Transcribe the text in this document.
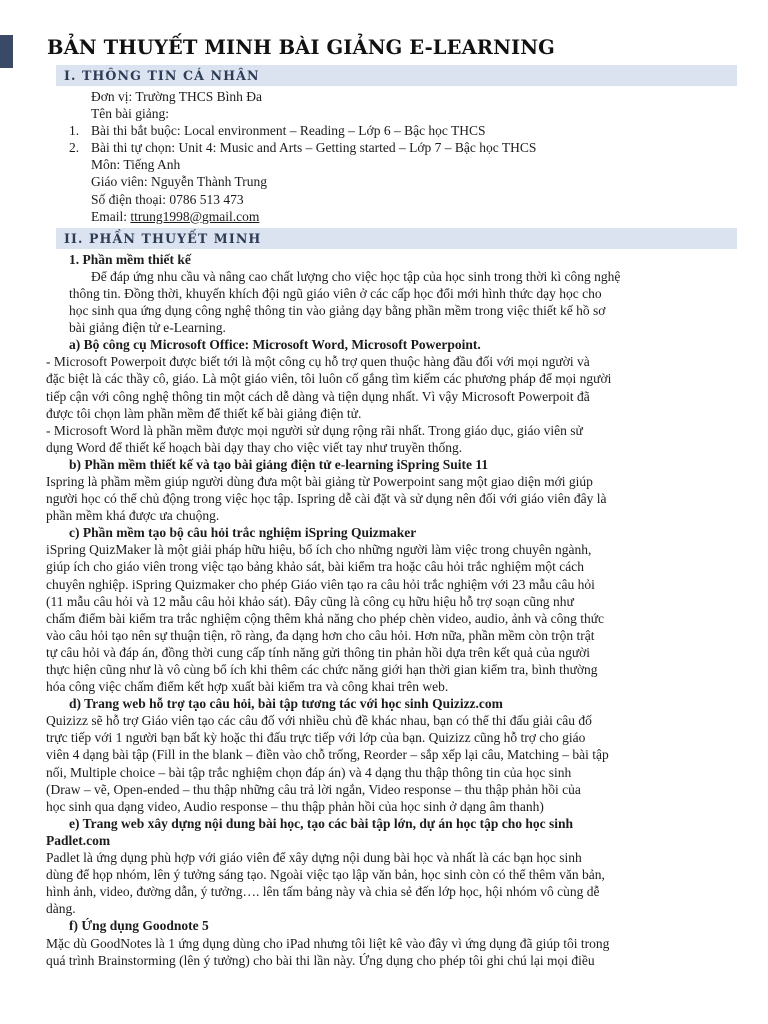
BẢN THUYẾT MINH BÀI GIẢNG E-LEARNING
I. THÔNG TIN CÁ NHÂN
Đơn vị: Trường THCS Bình Đa
Tên bài giảng:
1. Bài thi bắt buộc: Local environment – Reading – Lớp 6 – Bậc học THCS
2. Bài thi tự chọn: Unit 4: Music and Arts – Getting started – Lớp 7 – Bậc học THCS
Môn: Tiếng Anh
Giáo viên: Nguyễn Thành Trung
Số điện thoại: 0786 513 473
Email: ttrung1998@gmail.com
II. PHẦN THUYẾT MINH
1. Phần mềm thiết kế
Để đáp ứng nhu cầu và nâng cao chất lượng cho việc học tập của học sinh trong thời kì công nghệ
thông tin. Đồng thời, khuyến khích đội ngũ giáo viên ở các cấp học đổi mới hình thức dạy học cho
học sinh qua ứng dụng công nghệ thông tin vào giảng dạy bằng phần mềm trong việc thiết kế hồ sơ
bài giảng điện tử e-Learning.
a) Bộ công cụ Microsoft Office: Microsoft Word, Microsoft Powerpoint.
- Microsoft Powerpoit được biết tới là một công cụ hỗ trợ quen thuộc hàng đầu đối với mọi người và
đặc biệt là các thầy cô, giáo. Là một giáo viên, tôi luôn cố gắng tìm kiếm các phương pháp để mọi người
tiếp cận với công nghệ thông tin một cách dễ dàng và tiện dụng nhất. Vì vậy Microsoft Powerpoit đã
được tôi chọn làm phần mềm để thiết kế bài giảng điện tử.
- Microsoft Word là phần mềm được mọi người sử dụng rộng rãi nhất. Trong giáo dục, giáo viên sử
dụng Word để thiết kế hoạch bài dạy thay cho việc viết tay như truyền thống.
b) Phần mềm thiết kế và tạo bài giảng điện tử e-learning iSpring Suite 11
Ispring là phầm mềm giúp người dùng đưa một bài giảng từ Powerpoint sang một giao diện mới giúp
người học có thể chủ động trong việc học tập. Ispring dễ cài đặt và sử dụng nên đối với giáo viên đây là
phần mềm khá được ưa chuộng.
c) Phần mềm tạo bộ câu hỏi trắc nghiệm iSpring Quizmaker
iSpring QuizMaker là một giải pháp hữu hiệu, bổ ích cho những người làm việc trong chuyên ngành,
giúp ích cho giáo viên trong việc tạo bảng khảo sát, bài kiểm tra hoặc câu hỏi trắc nghiệm một cách
chuyên nghiệp. iSpring Quizmaker cho phép Giáo viên tạo ra câu hỏi trắc nghiệm với 23 mẫu câu hỏi
(11 mẫu câu hỏi và 12 mẫu câu hỏi khảo sát). Đây cũng là công cụ hữu hiệu hỗ trợ soạn cũng như
chấm điểm bài kiểm tra trắc nghiệm cộng thêm khả năng cho phép chèn video, audio, ảnh và công thức
vào câu hỏi tạo nên sự thuận tiện, rõ ràng, đa dạng hơn cho câu hỏi. Hơn nữa, phần mềm còn trộn trật
tự câu hỏi và đáp án, đồng thời cung cấp tính năng gửi thông tin phản hồi dựa trên kết quả của người
thực hiện cũng như là vô cùng bổ ích khi thêm các chức năng giới hạn thời gian kiểm tra, bình thường
hóa công việc chấm điểm kết hợp xuất bài kiểm tra và công khai trên web.
d) Trang web hỗ trợ tạo câu hỏi, bài tập tương tác với học sinh Quizizz.com
Quizizz sẽ hỗ trợ Giáo viên tạo các câu đố với nhiều chủ đề khác nhau, bạn có thể thi đấu giải câu đố
trực tiếp với 1 người bạn bất kỳ hoặc thi đấu trực tiếp với lớp của bạn. Quizizz cũng hỗ trợ cho giáo
viên 4 dạng bài tập (Fill in the blank – điền vào chỗ trống, Reorder – sắp xếp lại câu, Matching – bài tập
nối, Multiple choice – bài tập trắc nghiệm chọn đáp án) và 4 dạng thu thập thông tin của học sinh
(Draw – vẽ, Open-ended – thu thập những câu trả lời ngắn, Video response – thu thập phản hồi của
học sinh qua dạng video, Audio response – thu thập phản hồi của học sinh ở dạng âm thanh)
e) Trang web xây dựng nội dung bài học, tạo các bài tập lớn, dự án học tập cho học sinh
Padlet.com
Padlet là ứng dụng phù hợp với giáo viên để xây dựng nội dung bài học và nhất là các bạn học sinh
dùng để họp nhóm, lên ý tưởng sáng tạo. Ngoài việc tạo lập văn bản, học sinh còn có thể thêm văn bản,
hình ảnh, video, đường dẫn, ý tưởng…. lên tấm bảng này và chia sẻ đến lớp học, hội nhóm vô cùng dễ
dàng.
f) Ứng dụng Goodnote 5
Mặc dù GoodNotes là 1 ứng dụng dùng cho iPad nhưng tôi liệt kê vào đây vì ứng dụng đã giúp tôi trong
quá trình Brainstorming (lên ý tưởng) cho bài thi lần này. Ứng dụng cho phép tôi ghi chú lại mọi điều
